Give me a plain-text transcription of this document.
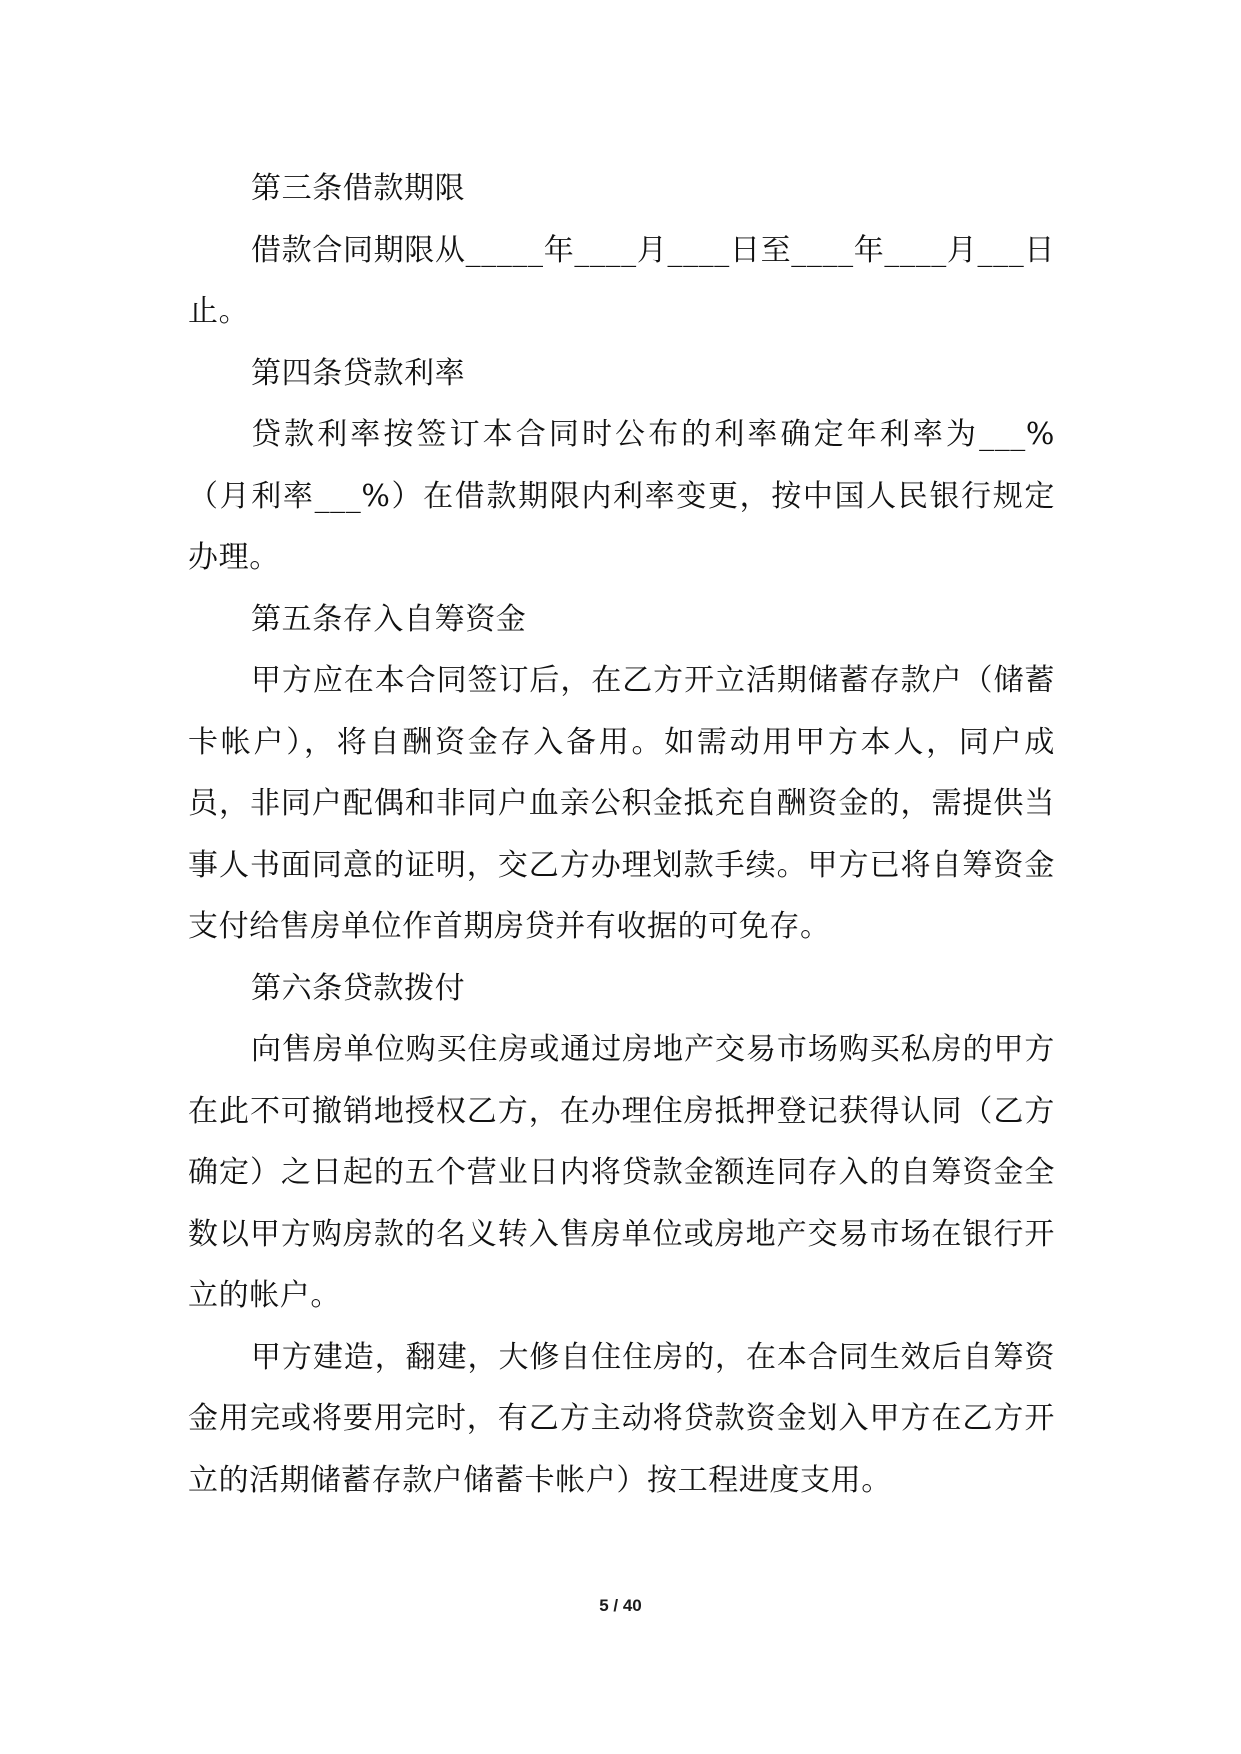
第三条借款期限

借款合同期限从_____年____月____日至____年____月___日止。

第四条贷款利率

贷款利率按签订本合同时公布的利率确定年利率为___%（月利率___%）在借款期限内利率变更，按中国人民银行规定办理。

第五条存入自筹资金

甲方应在本合同签订后，在乙方开立活期储蓄存款户（储蓄卡帐户），将自酬资金存入备用。如需动用甲方本人，同户成员，非同户配偶和非同户血亲公积金抵充自酬资金的，需提供当事人书面同意的证明，交乙方办理划款手续。甲方已将自筹资金支付给售房单位作首期房贷并有收据的可免存。

第六条贷款拨付

向售房单位购买住房或通过房地产交易市场购买私房的甲方在此不可撤销地授权乙方，在办理住房抵押登记获得认同（乙方确定）之日起的五个营业日内将贷款金额连同存入的自筹资金全数以甲方购房款的名义转入售房单位或房地产交易市场在银行开立的帐户。

甲方建造，翻建，大修自住住房的，在本合同生效后自筹资金用完或将要用完时，有乙方主动将贷款资金划入甲方在乙方开立的活期储蓄存款户储蓄卡帐户）按工程进度支用。

5 / 40
